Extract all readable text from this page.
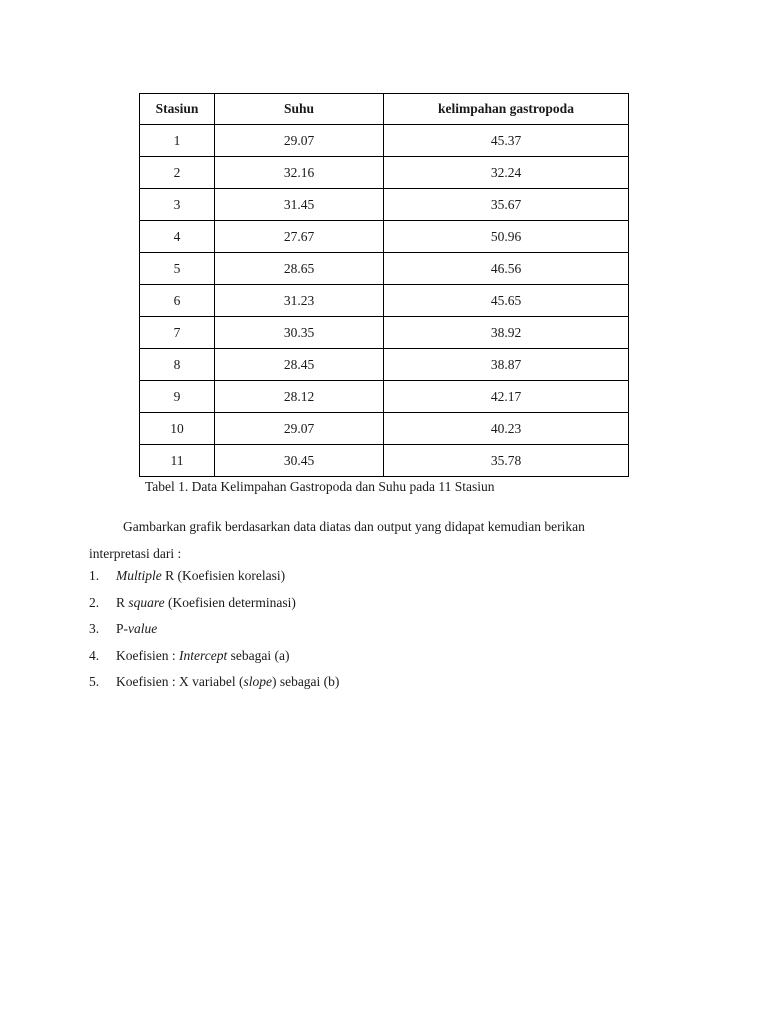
Stasiun	Suhu	kelimpahan gastropoda
1	29.07	45.37
2	32.16	32.24
3	31.45	35.67
4	27.67	50.96
5	28.65	46.56
6	31.23	45.65
7	30.35	38.92
8	28.45	38.87
9	28.12	42.17
10	29.07	40.23
11	30.45	35.78
Tabel 1. Data Kelimpahan Gastropoda dan Suhu pada 11 Stasiun
Gambarkan grafik berdasarkan data diatas dan output yang didapat kemudian berikan
interpretasi dari :
1. Multiple R (Koefisien korelasi)
2. R square (Koefisien determinasi)
3. P-value
4. Koefisien : Intercept sebagai (a)
5. Koefisien : X variabel (slope) sebagai (b)
